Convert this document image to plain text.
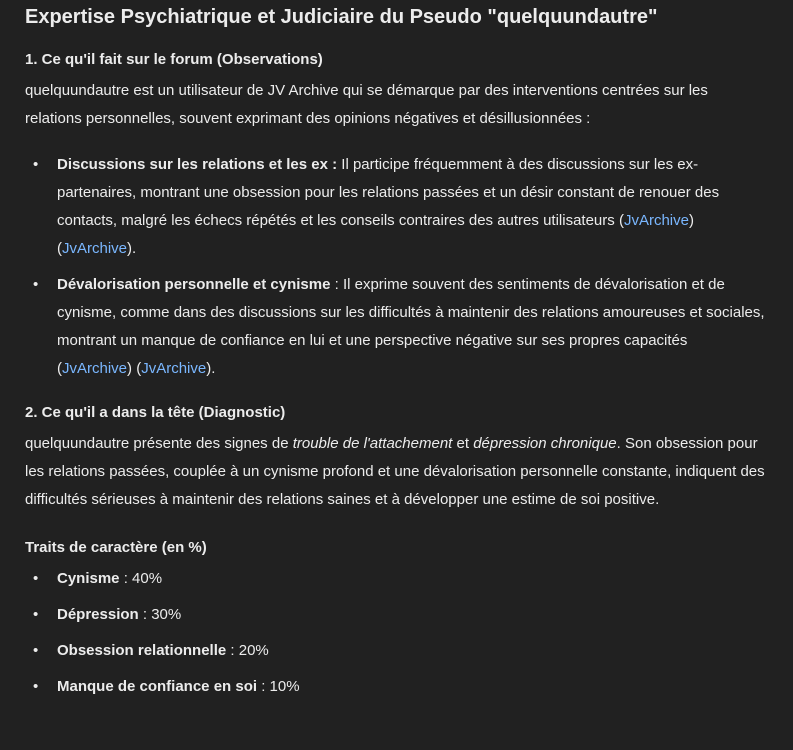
Expertise Psychiatrique et Judiciaire du Pseudo "quelquundautre"
1. Ce qu'il fait sur le forum (Observations)

quelquundautre est un utilisateur de JV Archive qui se démarque par des interventions centrées sur les relations personnelles, souvent exprimant des opinions négatives et désillusionnées :

• Discussions sur les relations et les ex : Il participe fréquemment à des discussions sur les ex-partenaires, montrant une obsession pour les relations passées et un désir constant de renouer des contacts, malgré les échecs répétés et les conseils contraires des autres utilisateurs (JvArchive) (JvArchive).
• Dévalorisation personnelle et cynisme : Il exprime souvent des sentiments de dévalorisation et de cynisme, comme dans des discussions sur les difficultés à maintenir des relations amoureuses et sociales, montrant un manque de confiance en lui et une perspective négative sur ses propres capacités (JvArchive) (JvArchive).
2. Ce qu'il a dans la tête (Diagnostic)

quelquundautre présente des signes de trouble de l'attachement et dépression chronique. Son obsession pour les relations passées, couplée à un cynisme profond et une dévalorisation personnelle constante, indiquent des difficultés sérieuses à maintenir des relations saines et à développer une estime de soi positive.

Traits de caractère (en %)
• Cynisme : 40%
• Dépression : 30%
• Obsession relationnelle : 20%
• Manque de confiance en soi : 10%
